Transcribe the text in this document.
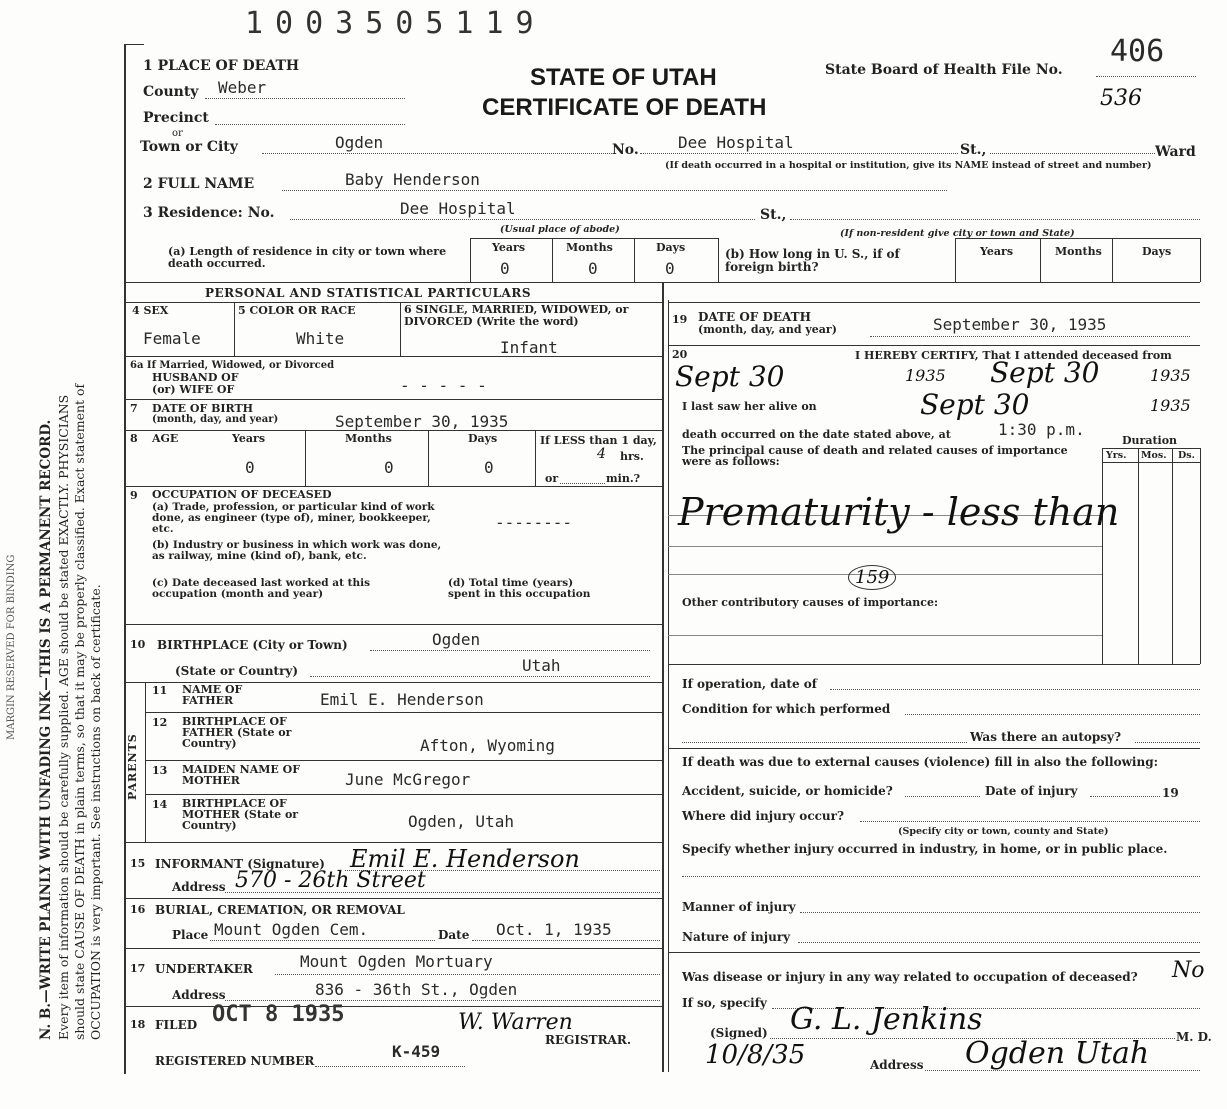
N. B.—WRITE PLAINLY WITH UNFADING INK—THIS IS A PERMANENT RECORD. Every item of information should be carefully supplied. AGE should be stated EXACTLY. PHYSICIANS should state CAUSE OF DEATH in plain terms, so that it may be properly classified. Exact statement of OCCUPATION is very important. See instructions on back of certificate.
MARGIN RESERVED FOR BINDING
1003505119
1 PLACE OF DEATH	STATE OF UTAH
CERTIFICATE OF DEATH
State Board of Health File No.
406
536
County Weber
Precinct
or
Town or City	Ogden	No. Dee Hospital	St.,	Ward
(If death occurred in a hospital or institution, give its NAME instead of street and number)
2 FULL NAME	Baby Henderson
3 Residence: No.	Dee Hospital	St.,
(Usual place of abode)	(If non-resident give city or town and State)
(a) Length of residence in city or town where death occurred.
Years	Months	Days
0	0	0
(b) How long in U. S., if of foreign birth?
Years	Months	Days
PERSONAL AND STATISTICAL PARTICULARS
4 SEX
Female
5 COLOR OR RACE
White
6 SINGLE, MARRIED, WIDOWED, or DIVORCED (Write the word)
Infant
6a If Married, Widowed, or Divorced
HUSBAND OF
(or) WIFE OF	- - - - -
7 DATE OF BIRTH
(month, day, and year)	September 30, 1935
8 AGE	Years	Months	Days
0	0	0
If LESS than 1 day,
4 hrs.
or	min.?
9 OCCUPATION OF DECEASED
(a) Trade, profession, or particular kind of work done, as engineer (type of), miner, bookkeeper, etc.	--------
(b) Industry or business in which work was done, as railway, mine (kind of), bank, etc.
(c) Date deceased last worked at this occupation (month and year)
(d) Total time (years) spent in this occupation
10 BIRTHPLACE (City or Town)	Ogden
(State or Country)	Utah
PARENTS
11 NAME OF FATHER	Emil E. Henderson
12 BIRTHPLACE OF FATHER (State or Country)	Afton, Wyoming
13 MAIDEN NAME OF MOTHER	June McGregor
14 BIRTHPLACE OF MOTHER (State or Country)	Ogden, Utah
15 INFORMANT (Signature) Emil E. Henderson
Address 570 - 26th Street
16 BURIAL, CREMATION, OR REMOVAL
Place Mount Ogden Cem.	Date Oct. 1, 1935
17 UNDERTAKER	Mount Ogden Mortuary
Address	836 - 36th St., Ogden
18 FILED OCT 8 1935	W. Warren
REGISTRAR.
REGISTERED NUMBER	K-459
19 DATE OF DEATH
(month, day, and year)	September 30, 1935
20	I HEREBY CERTIFY, That I attended deceased from
Sept 30	1935 Sept 30	1935
I last saw her alive on	Sept 30	1935
death occurred on the date stated above, at	1:30 p.m.
Duration
Yrs. Mos. Ds.
The principal cause of death and related causes of importance were as follows:
Prematurity - less than
159
Other contributory causes of importance:
If operation, date of
Condition for which performed
Was there an autopsy?
If death was due to external causes (violence) fill in also the following:
Accident, suicide, or homicide?	Date of injury	19
Where did injury occur?
(Specify city or town, county and State)
Specify whether injury occurred in industry, in home, or in public place.
Manner of injury
Nature of injury
Was disease or injury in any way related to occupation of deceased? No
If so, specify
(Signed) G. L. Jenkins	M. D.
10/8/35	Address Ogden Utah
